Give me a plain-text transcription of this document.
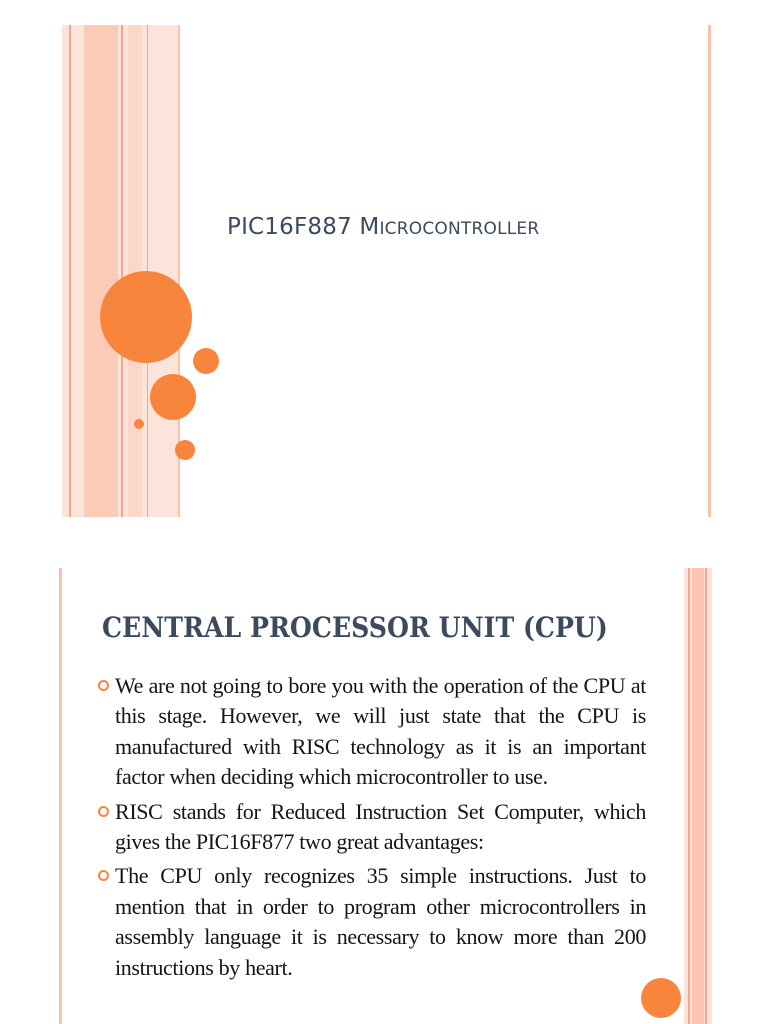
PIC16F887 MICROCONTROLLER
CENTRAL PROCESSOR UNIT (CPU)
We are not going to bore you with the operation of the CPU at this stage. However, we will just state that the CPU is manufactured with RISC technology as it is an important factor when deciding which microcontroller to use.
RISC stands for Reduced Instruction Set Computer, which gives the PIC16F877 two great advantages:
The CPU only recognizes 35 simple instructions. Just to mention that in order to program other microcontrollers in assembly language it is necessary to know more than 200 instructions by heart.
